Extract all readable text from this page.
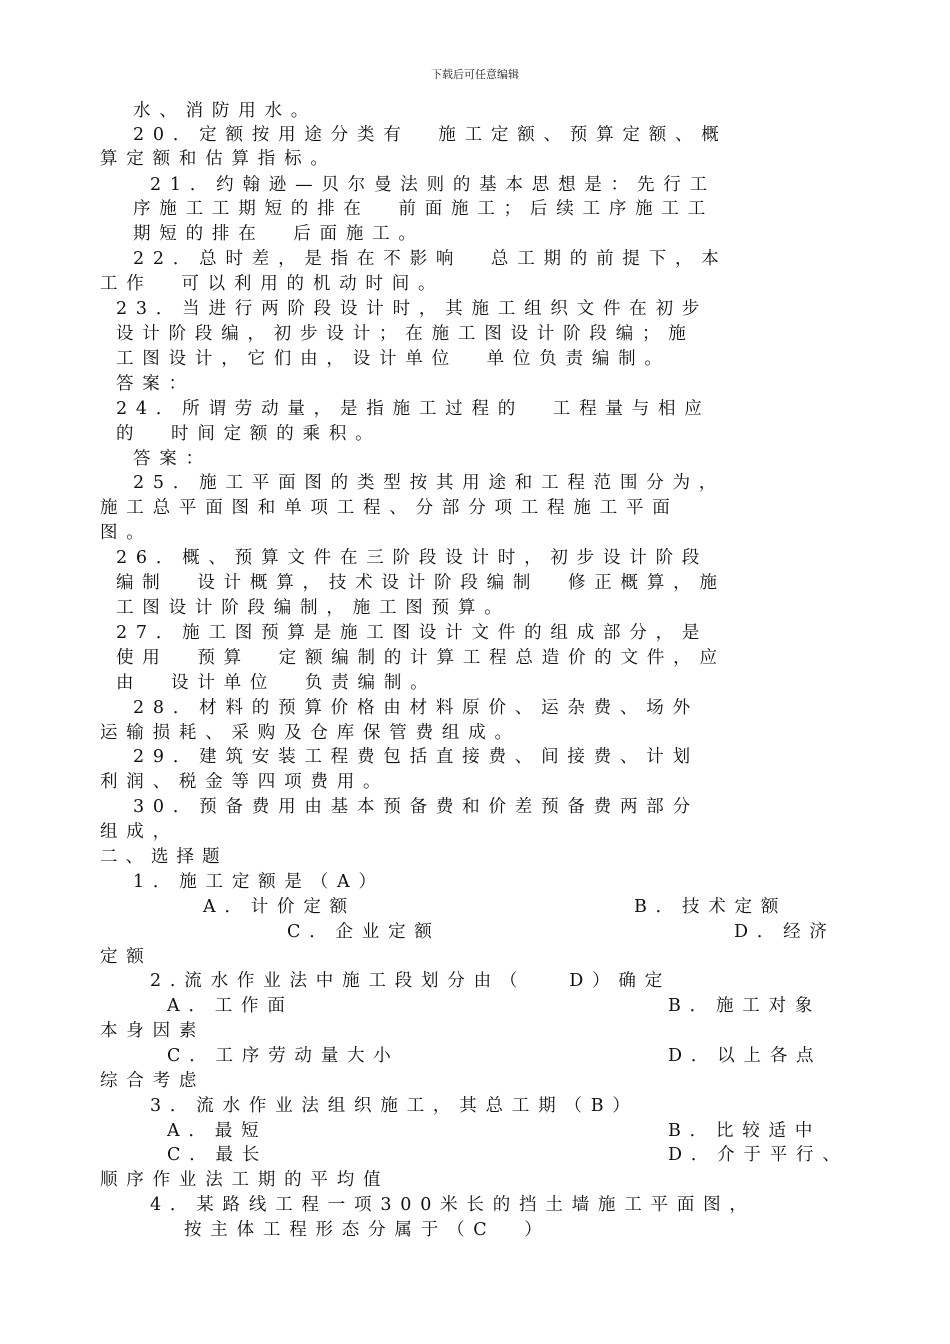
下载后可任意编辑
水、消防用水。
20．定额按用途分类有  施工定额、预算定额、概
算定额和估算指标。
21．约翰逊—贝尔曼法则的基本思想是：先行工
序施工工期短的排在  前面施工；后续工序施工工
期短的排在  后面施工。
22．总时差，是指在不影响  总工期的前提下，本
工作  可以利用的机动时间。
23．当进行两阶段设计时，其施工组织文件在初步
设计阶段编，初步设计；在施工图设计阶段编；施
工图设计，它们由，设计单位  单位负责编制。
答案：
24．所谓劳动量，是指施工过程的  工程量与相应
的  时间定额的乘积。
答案：
25．施工平面图的类型按其用途和工程范围分为，
施工总平面图和单项工程、分部分项工程施工平面
图。
26．概、预算文件在三阶段设计时，初步设计阶段
编制  设计概算，技术设计阶段编制  修正概算，施
工图设计阶段编制，施工图预算。
27．施工图预算是施工图设计文件的组成部分，是
使用  预算  定额编制的计算工程总造价的文件，应
由  设计单位  负责编制。
28．材料的预算价格由材料原价、运杂费、场外
运输损耗、采购及仓库保管费组成。
29．建筑安装工程费包括直接费、间接费、计划
利润、税金等四项费用。
30．预备费用由基本预备费和价差预备费两部分
组成，
二、选择题
1．施工定额是（A）
A．计价定额	B．技术定额
C．企业定额	D．经济
定额
2.流水作业法中施工段划分由（   D）确定
A．工作面	B．施工对象
本身因素
C．工序劳动量大小	D．以上各点
综合考虑
3．流水作业法组织施工，其总工期（B）
A．最短	B．比较适中
C．最长	D．介于平行、
顺序作业法工期的平均值
4．某路线工程一项300米长的挡土墙施工平面图，
按主体工程形态分属于（C  ）
